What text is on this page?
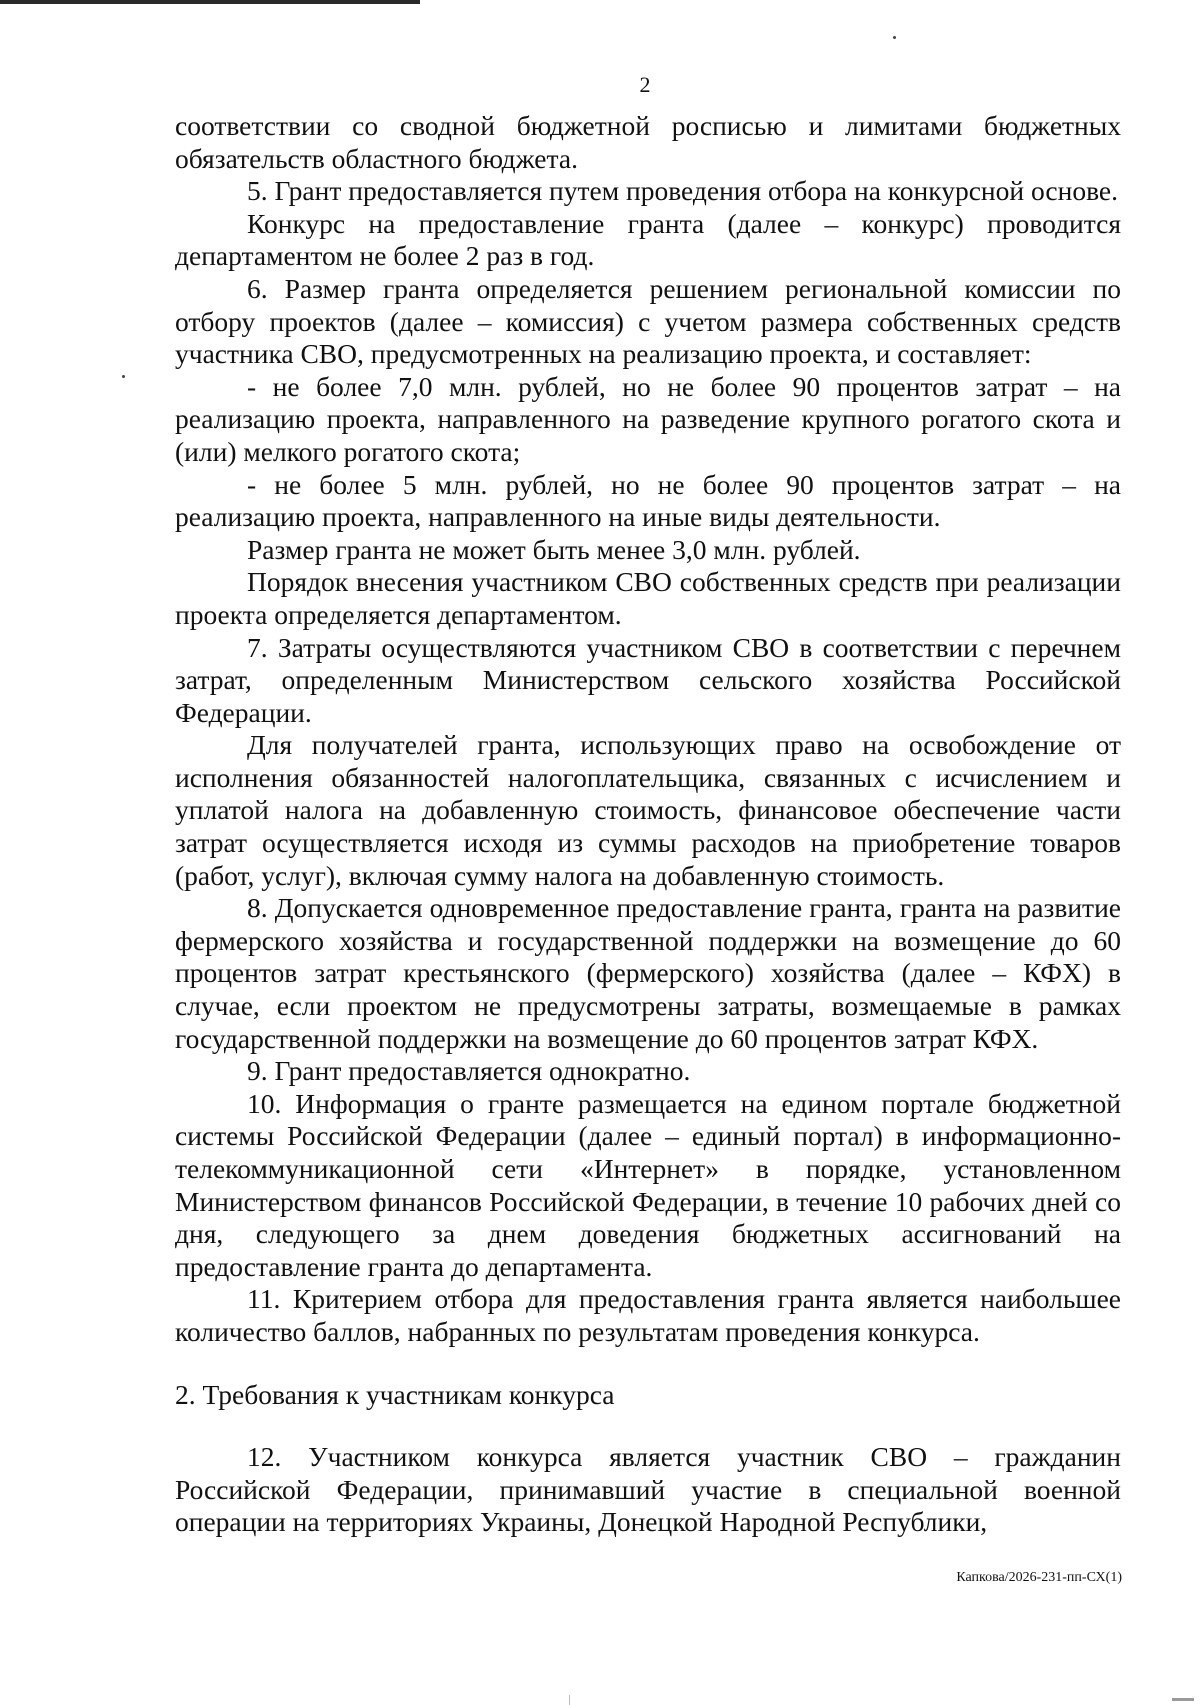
2

соответствии со сводной бюджетной росписью и лимитами бюджетных обязательств областного бюджета.

5. Грант предоставляется путем проведения отбора на конкурсной основе.

Конкурс на предоставление гранта (далее – конкурс) проводится департаментом не более 2 раз в год.

6. Размер гранта определяется решением региональной комиссии по отбору проектов (далее – комиссия) с учетом размера собственных средств участника СВО, предусмотренных на реализацию проекта, и составляет:

- не более 7,0 млн. рублей, но не более 90 процентов затрат – на реализацию проекта, направленного на разведение крупного рогатого скота и (или) мелкого рогатого скота;

- не более 5 млн. рублей, но не более 90 процентов затрат – на реализацию проекта, направленного на иные виды деятельности.

Размер гранта не может быть менее 3,0 млн. рублей.

Порядок внесения участником СВО собственных средств при реализации проекта определяется департаментом.

7. Затраты осуществляются участником СВО в соответствии с перечнем затрат, определенным Министерством сельского хозяйства Российской Федерации.

Для получателей гранта, использующих право на освобождение от исполнения обязанностей налогоплательщика, связанных с исчислением и уплатой налога на добавленную стоимость, финансовое обеспечение части затрат осуществляется исходя из суммы расходов на приобретение товаров (работ, услуг), включая сумму налога на добавленную стоимость.

8. Допускается одновременное предоставление гранта, гранта на развитие фермерского хозяйства и государственной поддержки на возмещение до 60 процентов затрат крестьянского (фермерского) хозяйства (далее – КФХ) в случае, если проектом не предусмотрены затраты, возмещаемые в рамках государственной поддержки на возмещение до 60 процентов затрат КФХ.

9. Грант предоставляется однократно.

10. Информация о гранте размещается на едином портале бюджетной системы Российской Федерации (далее – единый портал) в информационно-телекоммуникационной сети «Интернет» в порядке, установленном Министерством финансов Российской Федерации, в течение 10 рабочих дней со дня, следующего за днем доведения бюджетных ассигнований на предоставление гранта до департамента.

11. Критерием отбора для предоставления гранта является наибольшее количество баллов, набранных по результатам проведения конкурса.

2. Требования к участникам конкурса

12. Участником конкурса является участник СВО – гражданин Российской Федерации, принимавший участие в специальной военной операции на территориях Украины, Донецкой Народной Республики,

Капкова/2026-231-пп-СХ(1)
